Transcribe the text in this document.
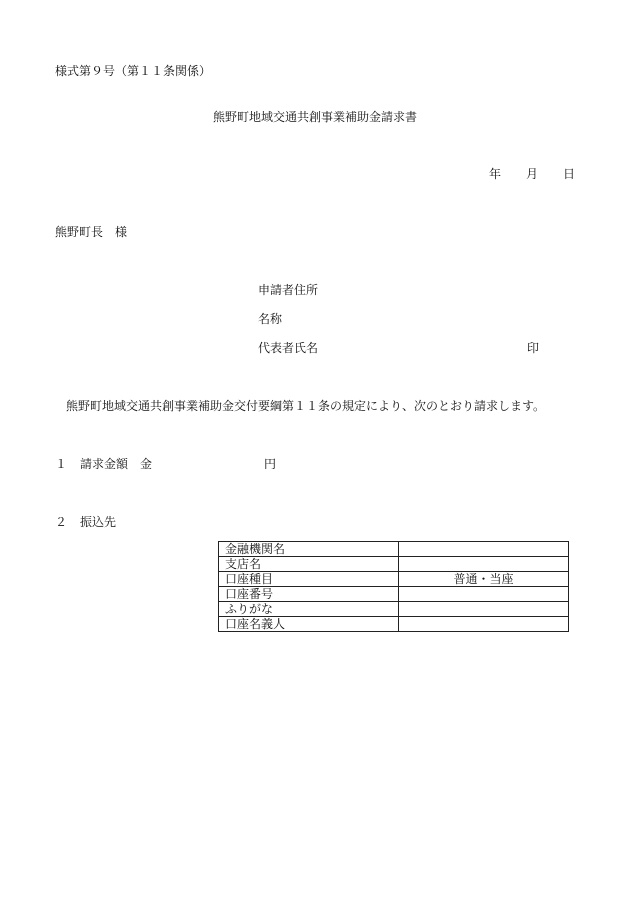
様式第９号（第１１条関係）
熊野町地域交通共創事業補助金請求書
年 月 日
熊野町長 様
申請者住所
名称
代表者氏名	印
熊野町地域交通共創事業補助金交付要綱第１１条の規定により、次のとおり請求します。
１ 請求金額 金	円
２ 振込先
金融機関名	
支店名	
口座種目	普通・当座
口座番号	
ふりがな	
口座名義人	
